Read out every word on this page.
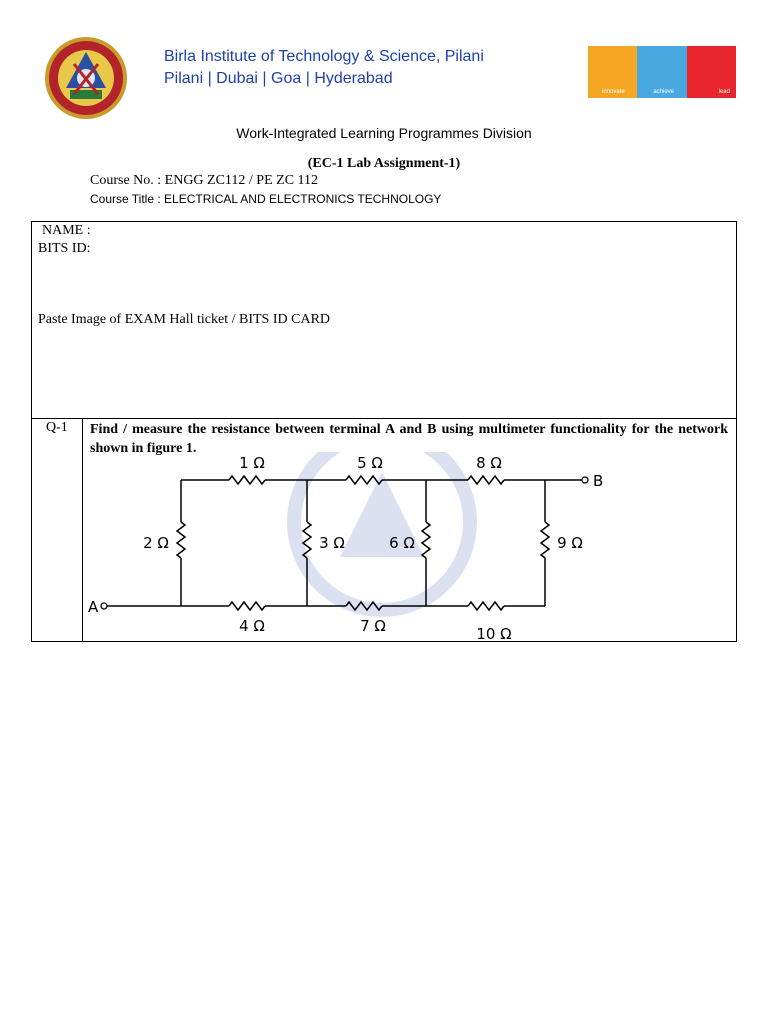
Birla Institute of Technology & Science, Pilani
Pilani | Dubai | Goa | Hyderabad
innovate	achieve	lead
Work-Integrated Learning Programmes Division
(EC-1 Lab Assignment-1)
Course No. : ENGG ZC112 / PE ZC 112
Course Title : ELECTRICAL AND ELECTRONICS TECHNOLOGY
NAME :
BITS ID:
Paste Image of EXAM Hall ticket / BITS ID CARD
Q-1 Find / measure the resistance between terminal A and B using multimeter functionality for the network shown in figure 1.
A
B
1 Ω	5 Ω	8 Ω
2 Ω	3 Ω	6 Ω	9 Ω
4 Ω	7 Ω	10 Ω
